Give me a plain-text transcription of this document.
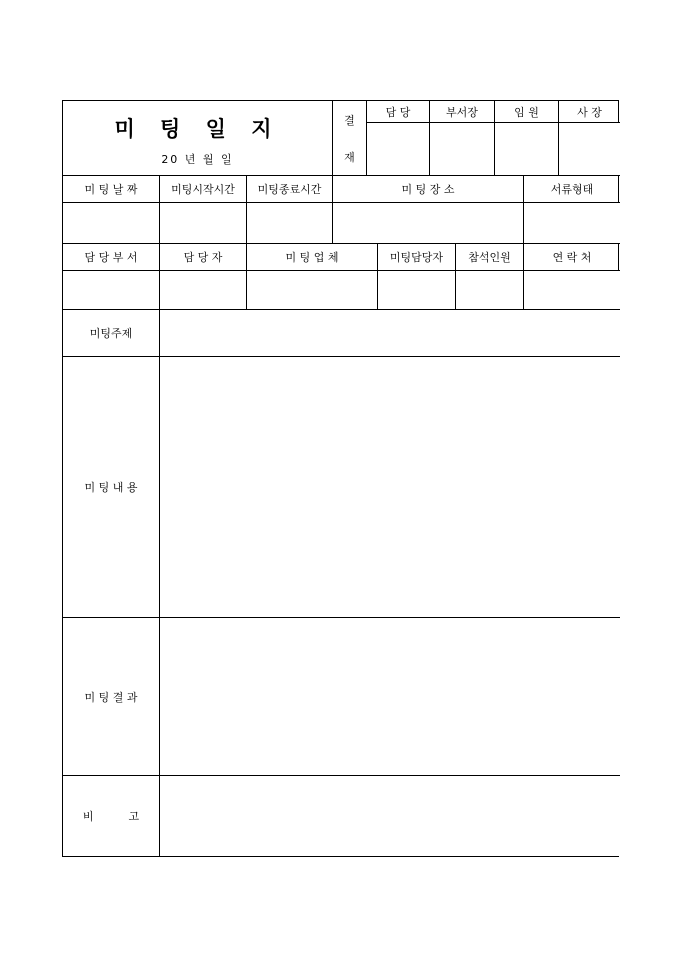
미 팅 일 지
20 년 월 일
결
재
담 당	부서장	임 원	사 장
미 팅 날 짜	미팅시작시간	미팅종료시간	미 팅 장 소	서류형태
담 당 부 서	담 당 자	미 팅 업 체	미팅담당자	참석인원	연 락 처
미팅주제
미 팅 내 용
미 팅 결 과
비          고
